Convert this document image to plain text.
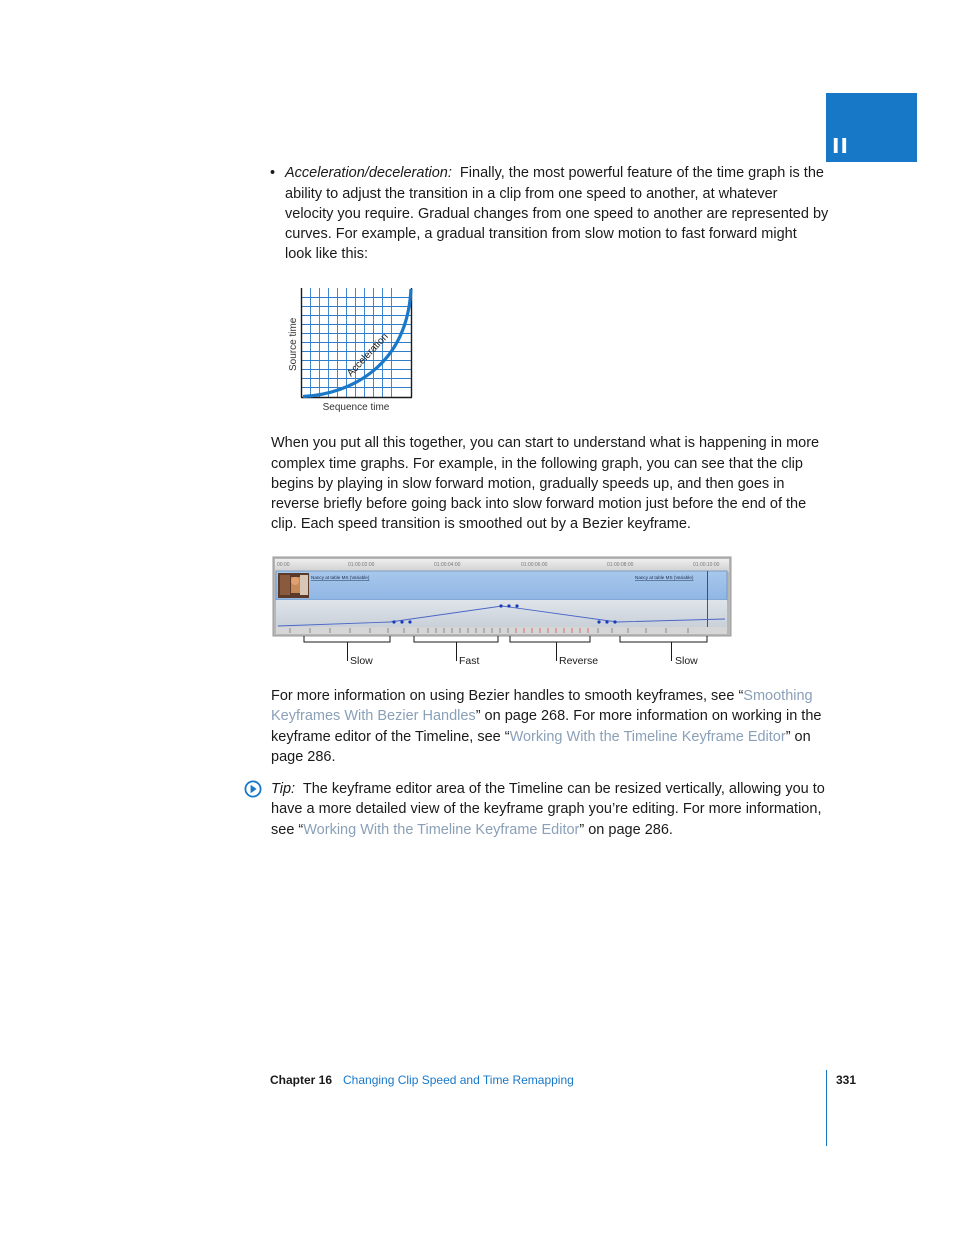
II
• Acceleration/deceleration: Finally, the most powerful feature of the time graph is the

ability to adjust the transition in a clip from one speed to another, at whatever

velocity you require. Gradual changes from one speed to another are represented by

curves. For example, a gradual transition from slow motion to fast forward might

look like this:

Acceleration
Source time
Sequence time

When you put all this together, you can start to understand what is happening in more

complex time graphs. For example, in the following graph, you can see that the clip

begins by playing in slow forward motion, gradually speeds up, and then goes in

reverse briefly before going back into slow forward motion just before the end of the

clip. Each speed transition is smoothed out by a Bezier keyframe.

00:00	01:00:02:00	01:00:04:00	01:00:06:00	01:00:08:00	01:00:10:00
Nancy at table MS (Variable)	Nancy at table MS (Variable)
Slow	Fast	Reverse	Slow

For more information on using Bezier handles to smooth keyframes, see “Smoothing

Keyframes With Bezier Handles” on page 268. For more information on working in the

keyframe editor of the Timeline, see “Working With the Timeline Keyframe Editor” on

page 286.

Tip: The keyframe editor area of the Timeline can be resized vertically, allowing you to

have a more detailed view of the keyframe graph you’re editing. For more information,

see “Working With the Timeline Keyframe Editor” on page 286.

Chapter 16 Changing Clip Speed and Time Remapping	331
